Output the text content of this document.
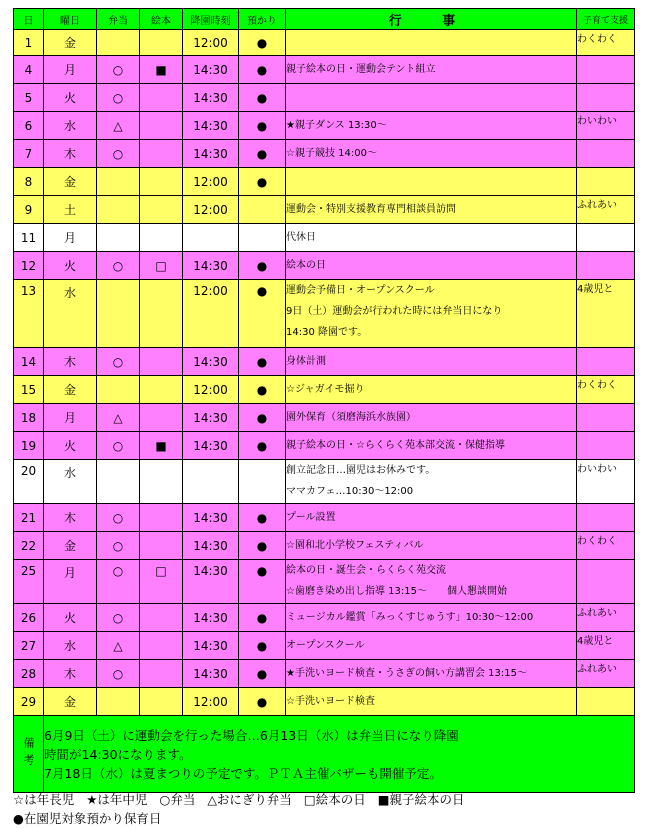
日	曜日	弁当	絵本	降園時刻	預かり	行 事	子育て支援
1	金			12:00	●		わくわく
4	月	○	■	14:30	●	親子絵本の日・運動会テント組立	

5	火	○		14:30	●	

6	水	△		14:30	●	★親子ダンス 13:30〜	わいわい
7	木	○		14:30	●	☆親子競技 14:00〜	

8	金			12:00	●	

9	土			12:00		運動会・特別支援教育専門相談員訪問	ふれあい
11	月					代休日	

12	火	○	□	14:30	●	絵本の日	

13	水			12:00	●	運動会予備日・オープンスクール
9日（土）運動会が行われた時には弁当日になり
14:30 降園です。	4歳児と
14	木	○		14:30	●	身体計測	

15	金			12:00	●	☆ジャガイモ掘り	わくわく
18	月	△		14:30	●	園外保育（須磨海浜水族園）	

19	火	○	■	14:30	●	親子絵本の日・☆らくらく苑本部交流・保健指導	

20	水					創立記念日…園児はお休みです。
ママカフェ…10:30〜12:00	わいわい
21	木	○		14:30	●	プール設置	

22	金	○		14:30	●	☆園和北小学校フェスティバル	わくわく
25	月	○	□	14:30	●	絵本の日・誕生会・らくらく苑交流
☆歯磨き染め出し指導 13:15〜　　個人懇談開始	

26	火	○		14:30	●	ミュージカル鑑賞「みっくすじゅうす」10:30〜12:00	ふれあい
27	水	△		14:30	●	オープンスクール	4歳児と
28	木	○		14:30	●	★手洗いヨード検査・うさぎの飼い方講習会 13:15〜	ふれあい
29	金			12:00	●	☆手洗いヨード検査	

備考	6月9日（土）に運動会を行った場合…6月13日（水）は弁当日になり降園
時間が14:30になります。
7月18日（水）は夏まつりの予定です。ＰＴＡ主催バザーも開催予定。						
☆は年長児 ★は年中児 ○弁当 △おにぎり弁当 □絵本の日 ■親子絵本の日
●在園児対象預かり保育日
